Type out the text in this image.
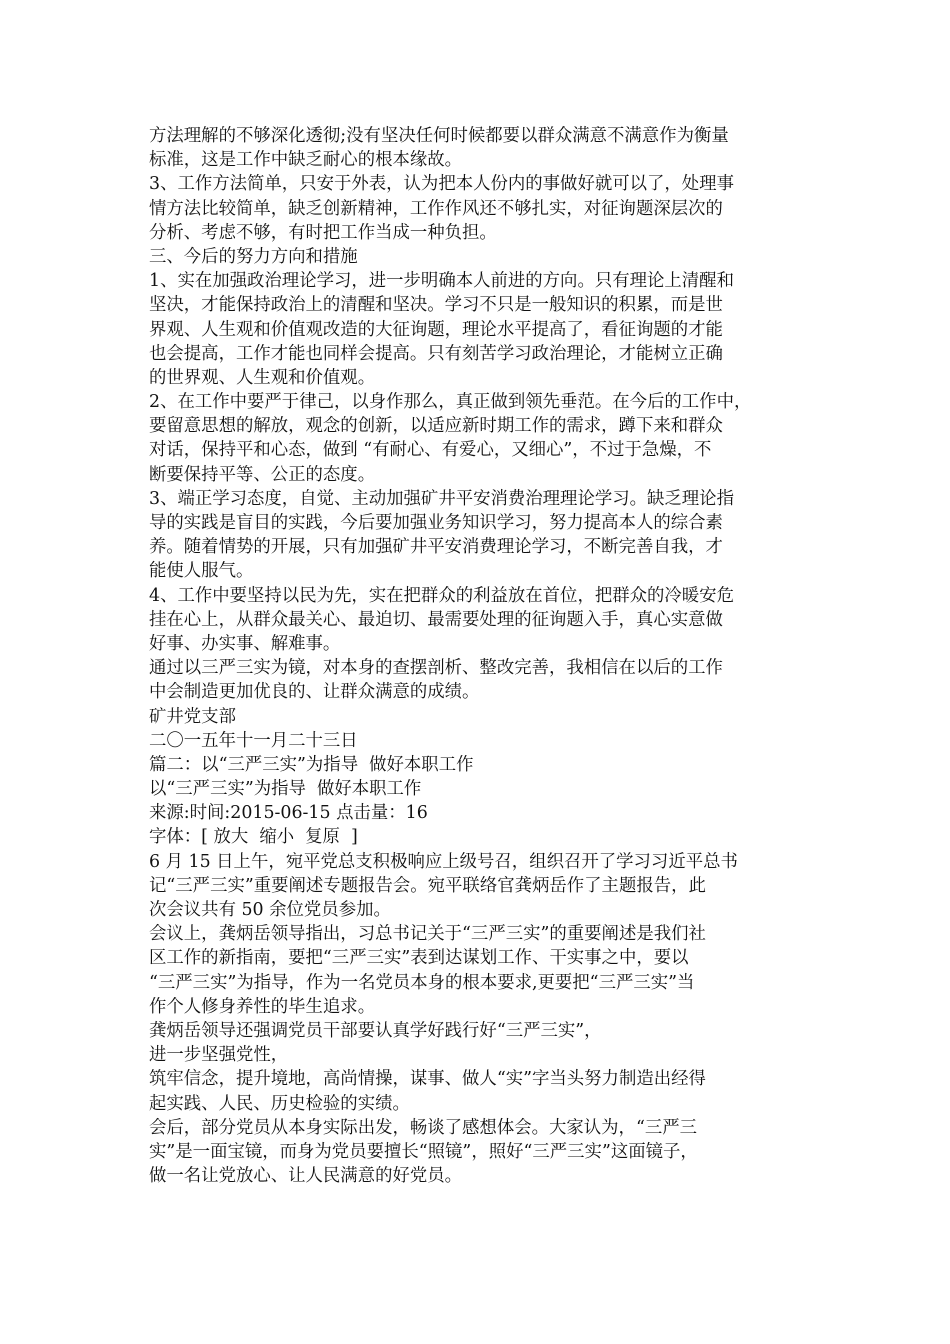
方法理解的不够深化透彻;没有坚决任何时候都要以群众满意不满意作为衡量
标准，这是工作中缺乏耐心的根本缘故。
3、工作方法简单，只安于外表，认为把本人份内的事做好就可以了，处理事
情方法比较简单，缺乏创新精神，工作作风还不够扎实，对征询题深层次的
分析、考虑不够，有时把工作当成一种负担。
三、今后的努力方向和措施
1、实在加强政治理论学习，进一步明确本人前进的方向。只有理论上清醒和
坚决，才能保持政治上的清醒和坚决。学习不只是一般知识的积累，而是世
界观、人生观和价值观改造的大征询题，理论水平提高了，看征询题的才能
也会提高，工作才能也同样会提高。只有刻苦学习政治理论，才能树立正确
的世界观、人生观和价值观。
2、在工作中要严于律己，以身作那么，真正做到领先垂范。在今后的工作中，
要留意思想的解放，观念的创新，以适应新时期工作的需求，蹲下来和群众
对话，保持平和心态，做到 “有耐心、有爱心，又细心”，不过于急燥，不
断要保持平等、公正的态度。
3、端正学习态度，自觉、主动加强矿井平安消费治理理论学习。缺乏理论指
导的实践是盲目的实践，今后要加强业务知识学习，努力提高本人的综合素
养。随着情势的开展，只有加强矿井平安消费理论学习，不断完善自我，才
能使人服气。
4、工作中要坚持以民为先，实在把群众的利益放在首位，把群众的冷暖安危
挂在心上，从群众最关心、最迫切、最需要处理的征询题入手，真心实意做
好事、办实事、解难事。
通过以三严三实为镜，对本身的查摆剖析、整改完善，我相信在以后的工作
中会制造更加优良的、让群众满意的成绩。
矿井党支部
二〇一五年十一月二十三日
篇二：以“三严三实”为指导  做好本职工作
以“三严三实”为指导  做好本职工作
来源:时间:2015-06-15 点击量：16
字体：[ 放大  缩小  复原  ]
6 月 15 日上午，宛平党总支积极响应上级号召，组织召开了学习习近平总书
记“三严三实”重要阐述专题报告会。宛平联络官龚炳岳作了主题报告，此
次会议共有 50 余位党员参加。
会议上，龚炳岳领导指出，习总书记关于“三严三实”的重要阐述是我们社
区工作的新指南，要把“三严三实”表到达谋划工作、干实事之中，要以
“三严三实”为指导，作为一名党员本身的根本要求,更要把“三严三实”当
作个人修身养性的毕生追求。
龚炳岳领导还强调党员干部要认真学好践行好“三严三实”，
进一步坚强党性，
筑牢信念，提升境地，高尚情操，谋事、做人“实”字当头努力制造出经得
起实践、人民、历史检验的实绩。
会后，部分党员从本身实际出发，畅谈了感想体会。大家认为，“三严三
实”是一面宝镜，而身为党员要擅长“照镜”，照好“三严三实”这面镜子，
做一名让党放心、让人民满意的好党员。
